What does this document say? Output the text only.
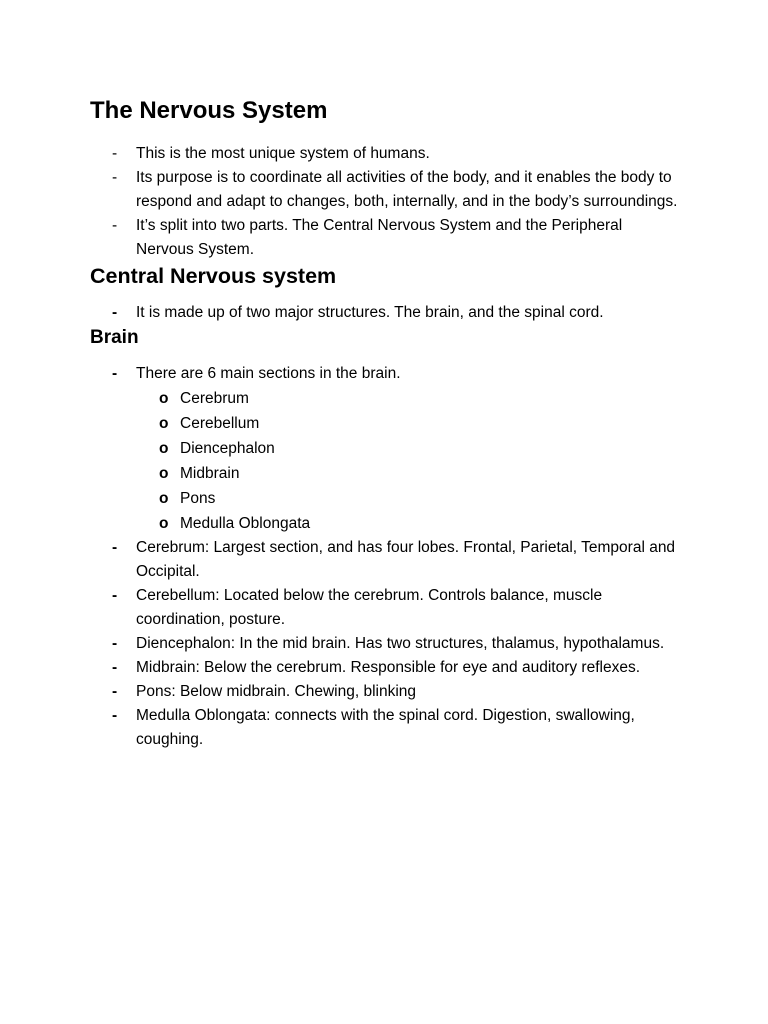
The Nervous System
-	This is the most unique system of humans.
-	Its purpose is to coordinate all activities of the body, and it enables the body to respond and adapt to changes, both, internally, and in the body’s surroundings.
-	It’s split into two parts. The Central Nervous System and the Peripheral Nervous System.
Central Nervous system
-	It is made up of two major structures. The brain, and the spinal cord.
Brain
-	There are 6 main sections in the brain.
o Cerebrum
o Cerebellum
o Diencephalon
o Midbrain
o Pons
o Medulla Oblongata
-	Cerebrum: Largest section, and has four lobes. Frontal, Parietal, Temporal and Occipital.
-	Cerebellum: Located below the cerebrum. Controls balance, muscle coordination, posture.
-	Diencephalon: In the mid brain. Has two structures, thalamus, hypothalamus.
-	Midbrain: Below the cerebrum. Responsible for eye and auditory reflexes.
-	Pons: Below midbrain. Chewing, blinking
-	Medulla Oblongata: connects with the spinal cord. Digestion, swallowing, coughing.
